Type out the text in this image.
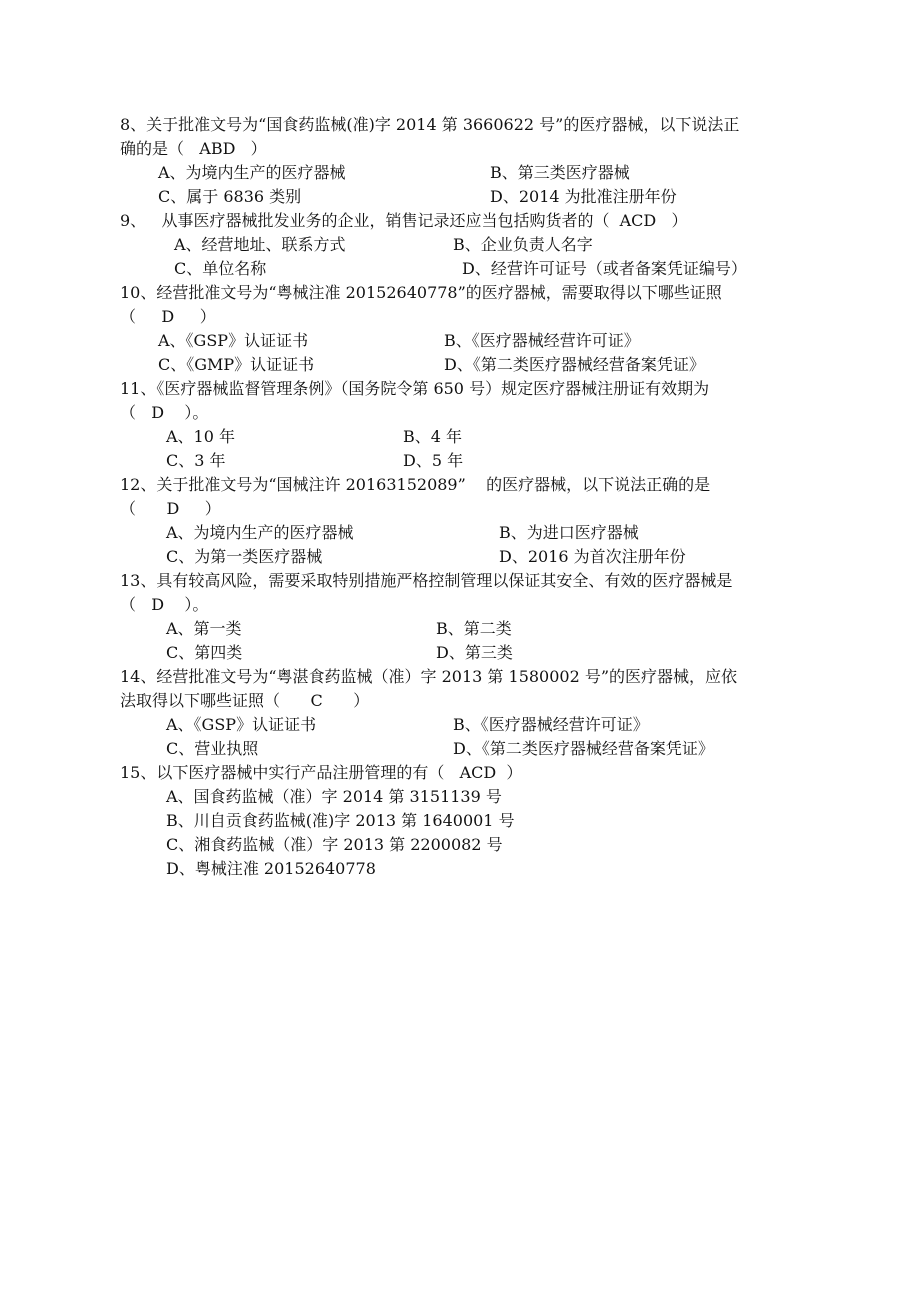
8、关于批准文号为“国食药监械(准)字 2014 第 3660622 号”的医疗器械，以下说法正
确的是（   ABD   ）
A、为境内生产的医疗器械	B、第三类医疗器械
C、属于 6836 类别	D、2014 为批准注册年份
9、   从事医疗器械批发业务的企业，销售记录还应当包括购货者的（  ACD   ）
A、经营地址、联系方式	B、企业负责人名字
C、单位名称	D、经营许可证号（或者备案凭证编号）
10、经营批准文号为“粤械注准 20152640778”的医疗器械，需要取得以下哪些证照
（     D     ）
A、《GSP》认证证书	B、《医疗器械经营许可证》
C、《GMP》认证证书	D、《第二类医疗器械经营备案凭证》
11、《医疗器械监督管理条例》（国务院令第 650 号）规定医疗器械注册证有效期为
（   D    ）。
A、10 年	B、4 年
C、3 年	D、5 年
12、关于批准文号为“国械注许 20163152089”    的医疗器械，以下说法正确的是
（      D     ）
A、为境内生产的医疗器械	B、为进口医疗器械
C、为第一类医疗器械	D、2016 为首次注册年份
13、具有较高风险，需要采取特别措施严格控制管理以保证其安全、有效的医疗器械是
（   D    ）。
A、第一类	B、第二类
C、第四类	D、第三类
14、经营批准文号为“粤湛食药监械（准）字 2013 第 1580002 号”的医疗器械，应依
法取得以下哪些证照（      C      ）
A、《GSP》认证证书	B、《医疗器械经营许可证》
C、营业执照	D、《第二类医疗器械经营备案凭证》
15、以下医疗器械中实行产品注册管理的有（   ACD  ）
A、国食药监械（准）字 2014 第 3151139 号
B、川自贡食药监械(准)字 2013 第 1640001 号
C、湘食药监械（准）字 2013 第 2200082 号
D、粤械注准 20152640778
